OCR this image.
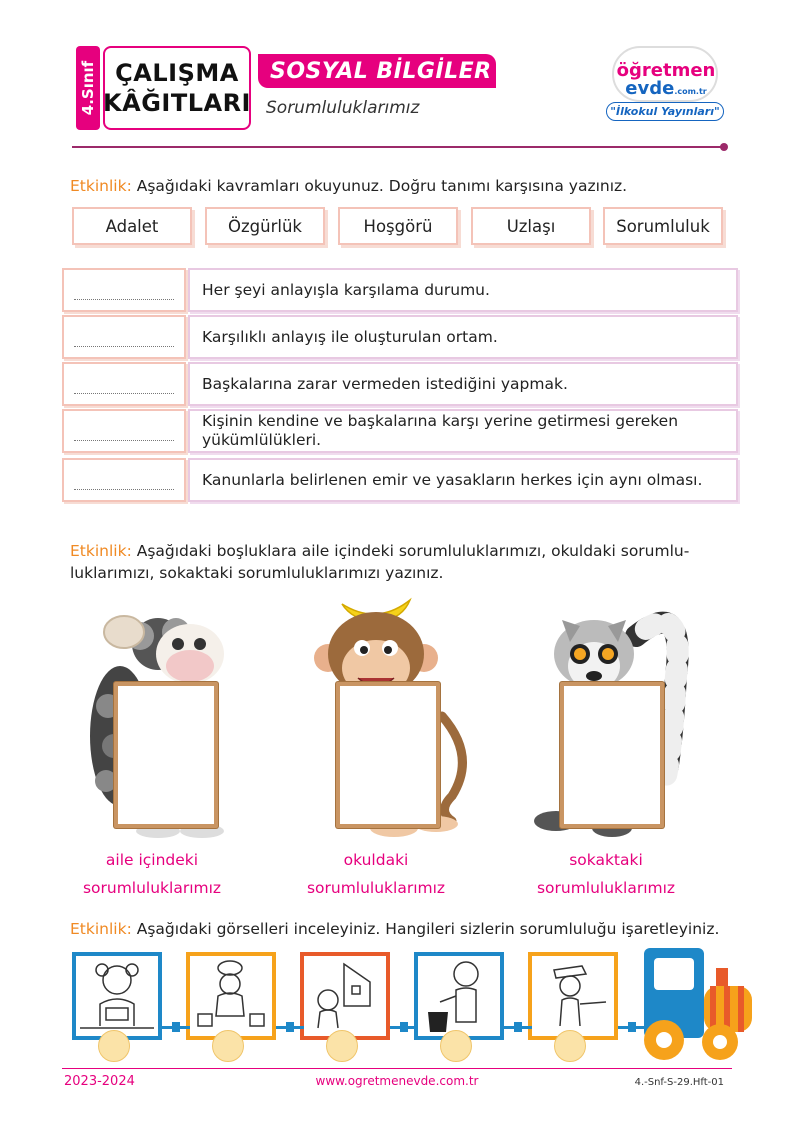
4.Sınıf ÇALIŞMA
KÂĞITLARI
SOSYAL BİLGİLER
Sorumluluklarımız
öğretmen
evde.com.tr
"İlkokul Yayınları"
Etkinlik: Aşağıdaki kavramları okuyunuz. Doğru tanımı karşısına yazınız.
Adalet	Özgürlük	Hoşgörü	Uzlaşı	Sorumluluk
Her şeyi anlayışla karşılama durumu.
Karşılıklı anlayış ile oluşturulan ortam.
Başkalarına zarar vermeden istediğini yapmak.
Kişinin kendine ve başkalarına karşı yerine getirmesi gereken yükümlülükleri.
Kanunlarla belirlenen emir ve yasakların herkes için aynı olması.
Etkinlik: Aşağıdaki boşluklara aile içindeki sorumluluklarımızı, okuldaki sorumlu-
luklarımızı, sokaktaki sorumluluklarımızı yazınız.
aile içindeki
sorumluluklarımız
okuldaki
sorumluluklarımız
sokaktaki
sorumluluklarımız
Etkinlik: Aşağıdaki görselleri inceleyiniz. Hangileri sizlerin sorumluluğu işaretleyiniz.
2023-2024	www.ogretmenevde.com.tr	4.-Snf-S-29.Hft-01
